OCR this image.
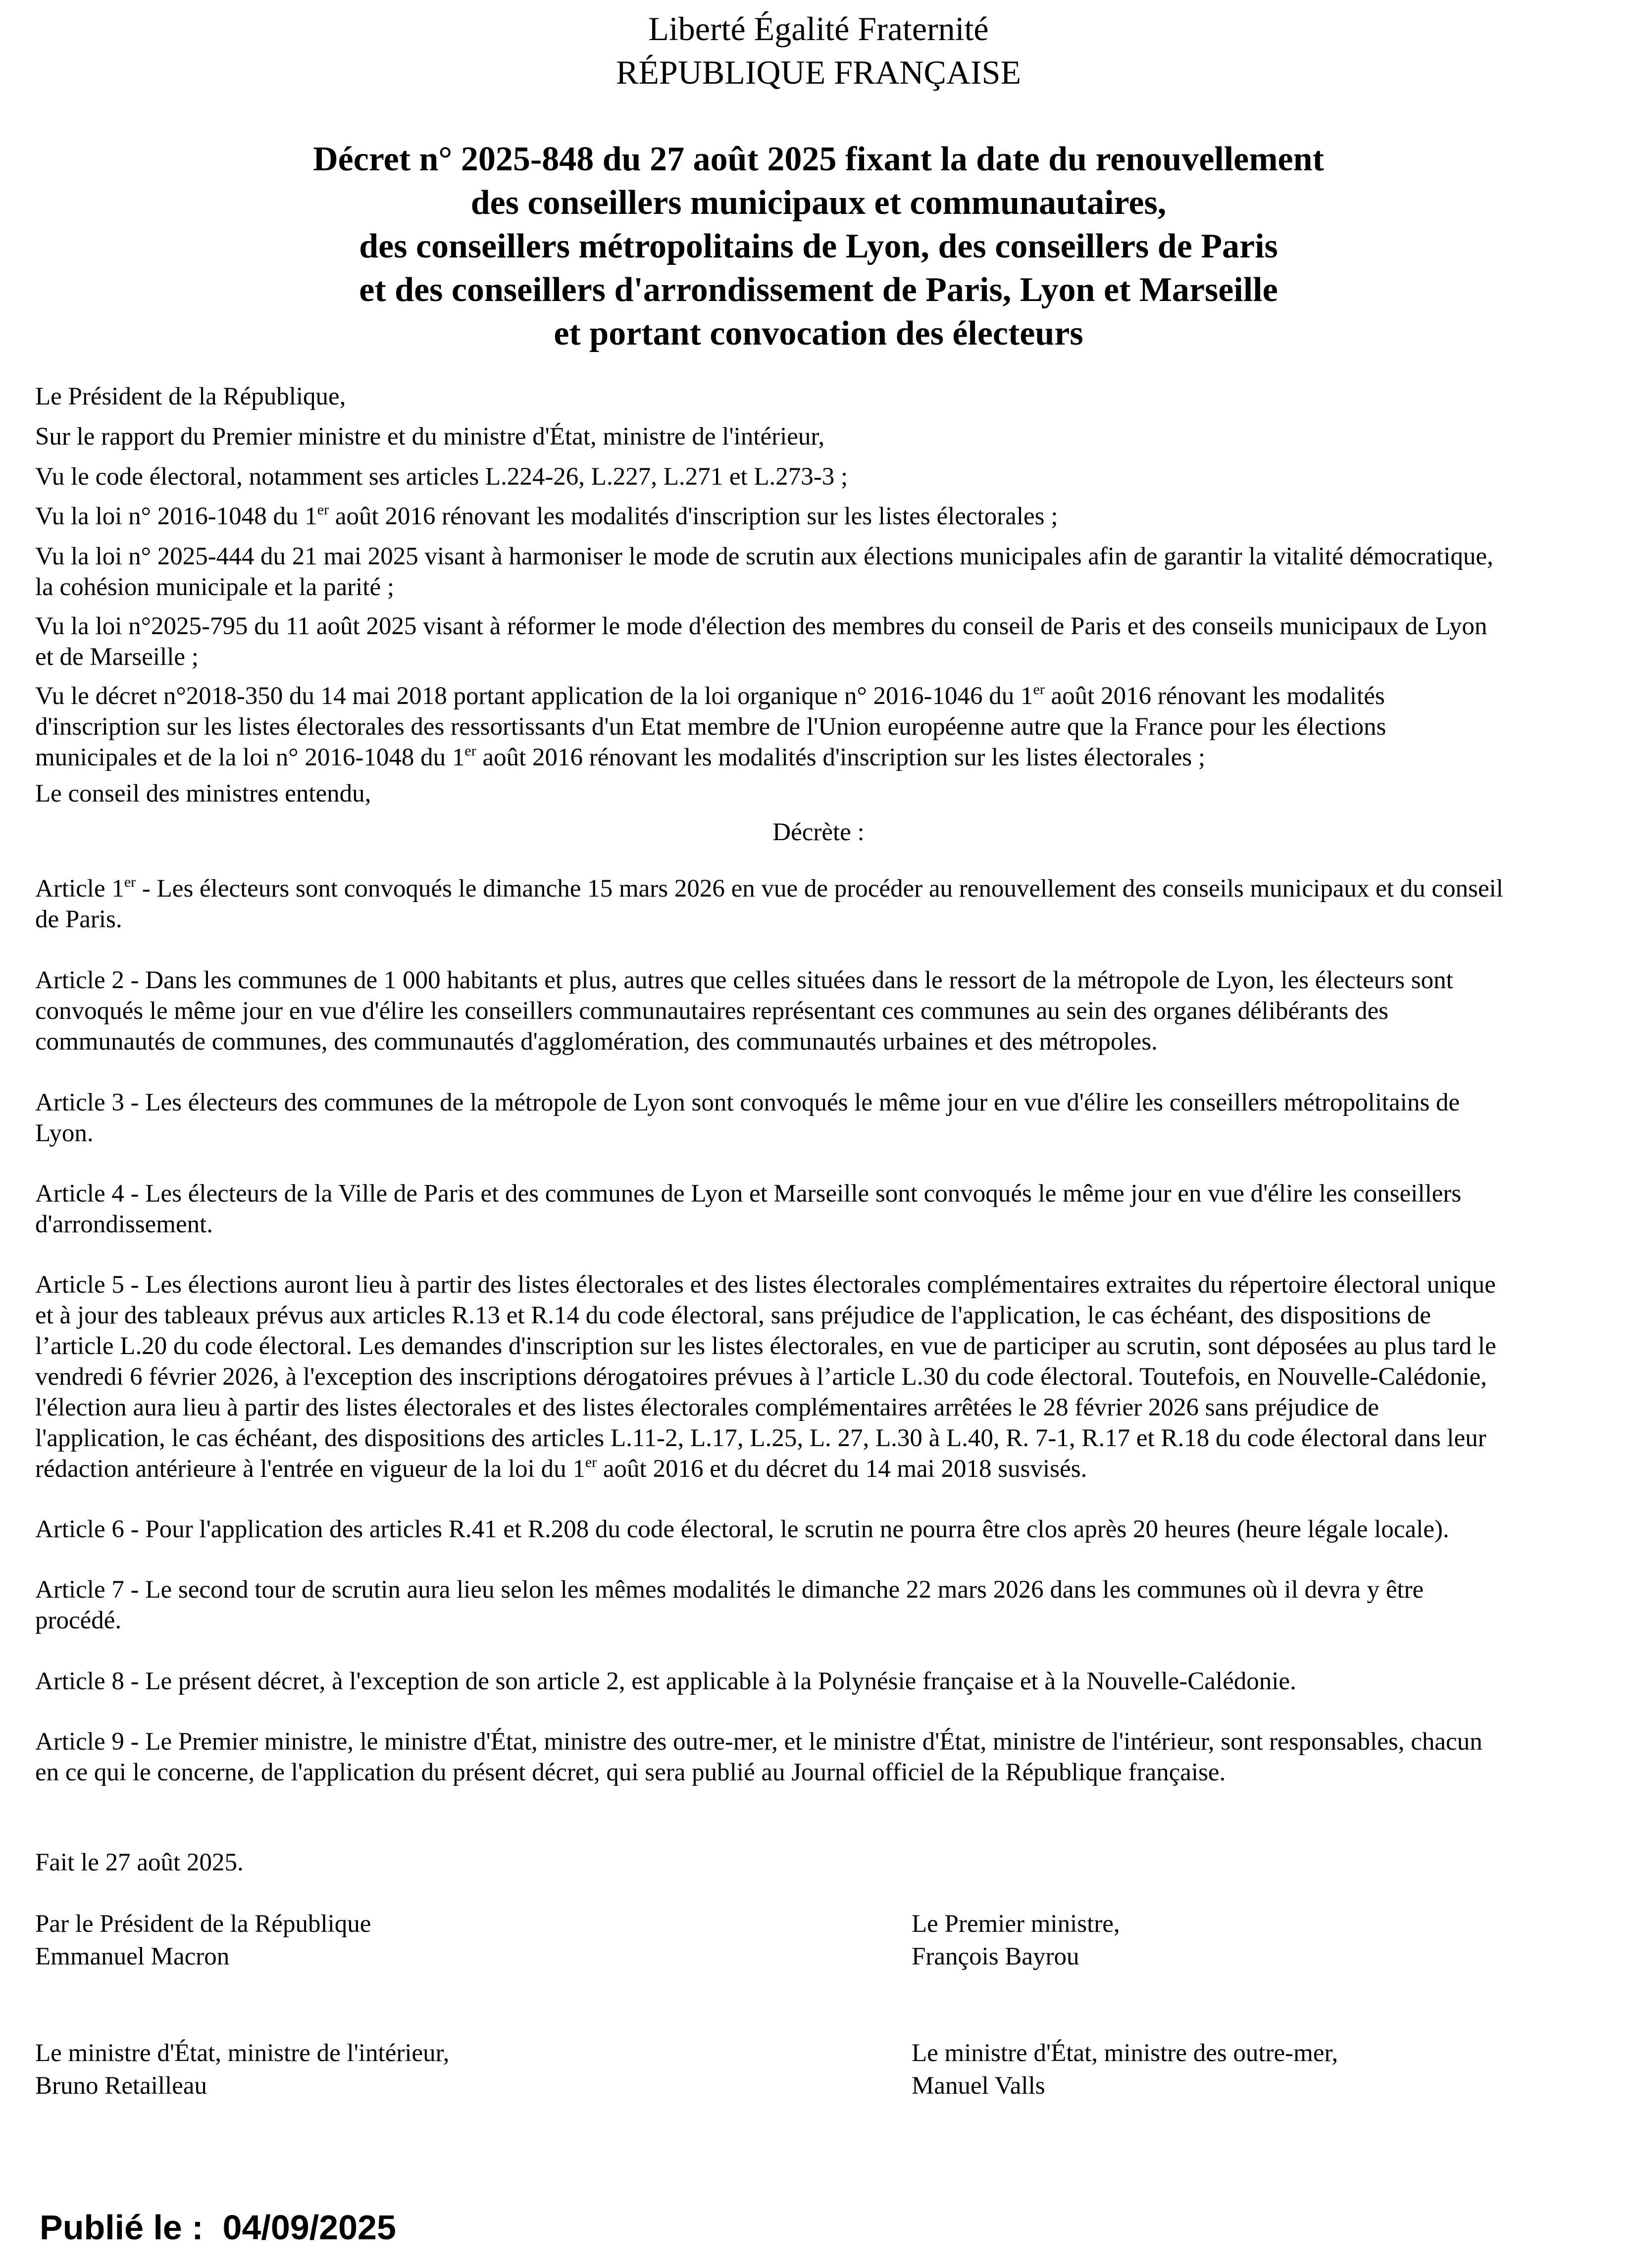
Liberté Égalité Fraternité
RÉPUBLIQUE FRANÇAISE
Décret n° 2025-848 du 27 août 2025 fixant la date du renouvellement
des conseillers municipaux et communautaires,
des conseillers métropolitains de Lyon, des conseillers de Paris
et des conseillers d'arrondissement de Paris, Lyon et Marseille
et portant convocation des électeurs
Le Président de la République,
Sur le rapport du Premier ministre et du ministre d'État, ministre de l'intérieur,
Vu le code électoral, notamment ses articles L.224-26, L.227, L.271 et L.273-3 ;
Vu la loi n° 2016-1048 du 1er août 2016 rénovant les modalités d'inscription sur les listes électorales ;

Vu la loi n° 2025-444 du 21 mai 2025 visant à harmoniser le mode de scrutin aux élections municipales afin de garantir la vitalité démocratique,

la cohésion municipale et la parité ;

Vu la loi n°2025-795 du 11 août 2025 visant à réformer le mode d'élection des membres du conseil de Paris et des conseils municipaux de Lyon

et de Marseille ;

Vu le décret n°2018-350 du 14 mai 2018 portant application de la loi organique n° 2016-1046 du 1er août 2016 rénovant les modalités

d'inscription sur les listes électorales des ressortissants d'un Etat membre de l'Union européenne autre que la France pour les élections

municipales et de la loi n° 2016-1048 du 1er août 2016 rénovant les modalités d'inscription sur les listes électorales ;

Le conseil des ministres entendu,
Décrète :

Article 1er - Les électeurs sont convoqués le dimanche 15 mars 2026 en vue de procéder au renouvellement des conseils municipaux et du conseil

de Paris.

Article 2 - Dans les communes de 1 000 habitants et plus, autres que celles situées dans le ressort de la métropole de Lyon, les électeurs sont

convoqués le même jour en vue d'élire les conseillers communautaires représentant ces communes au sein des organes délibérants des

communautés de communes, des communautés d'agglomération, des communautés urbaines et des métropoles.

Article 3 - Les électeurs des communes de la métropole de Lyon sont convoqués le même jour en vue d'élire les conseillers métropolitains de

Lyon.

Article 4 - Les électeurs de la Ville de Paris et des communes de Lyon et Marseille sont convoqués le même jour en vue d'élire les conseillers

d'arrondissement.

Article 5 - Les élections auront lieu à partir des listes électorales et des listes électorales complémentaires extraites du répertoire électoral unique

et à jour des tableaux prévus aux articles R.13 et R.14 du code électoral, sans préjudice de l'application, le cas échéant, des dispositions de

l’article L.20 du code électoral. Les demandes d'inscription sur les listes électorales, en vue de participer au scrutin, sont déposées au plus tard le

vendredi 6 février 2026, à l'exception des inscriptions dérogatoires prévues à l’article L.30 du code électoral. Toutefois, en Nouvelle-Calédonie,

l'élection aura lieu à partir des listes électorales et des listes électorales complémentaires arrêtées le 28 février 2026 sans préjudice de

l'application, le cas échéant, des dispositions des articles L.11-2, L.17, L.25, L. 27, L.30 à L.40, R. 7-1, R.17 et R.18 du code électoral dans leur

rédaction antérieure à l'entrée en vigueur de la loi du 1er août 2016 et du décret du 14 mai 2018 susvisés.

Article 6 - Pour l'application des articles R.41 et R.208 du code électoral, le scrutin ne pourra être clos après 20 heures (heure légale locale).

Article 7 - Le second tour de scrutin aura lieu selon les mêmes modalités le dimanche 22 mars 2026 dans les communes où il devra y être

procédé.

Article 8 - Le présent décret, à l'exception de son article 2, est applicable à la Polynésie française et à la Nouvelle-Calédonie.

Article 9 - Le Premier ministre, le ministre d'État, ministre des outre-mer, et le ministre d'État, ministre de l'intérieur, sont responsables, chacun

en ce qui le concerne, de l'application du présent décret, qui sera publié au Journal officiel de la République française.

Fait le 27 août 2025.
Par le Président de la République
Emmanuel Macron
Le Premier ministre,
François Bayrou
Le ministre d'État, ministre de l'intérieur,
Bruno Retailleau
Le ministre d'État, ministre des outre-mer,
Manuel Valls
Publié le : 04/09/2025
